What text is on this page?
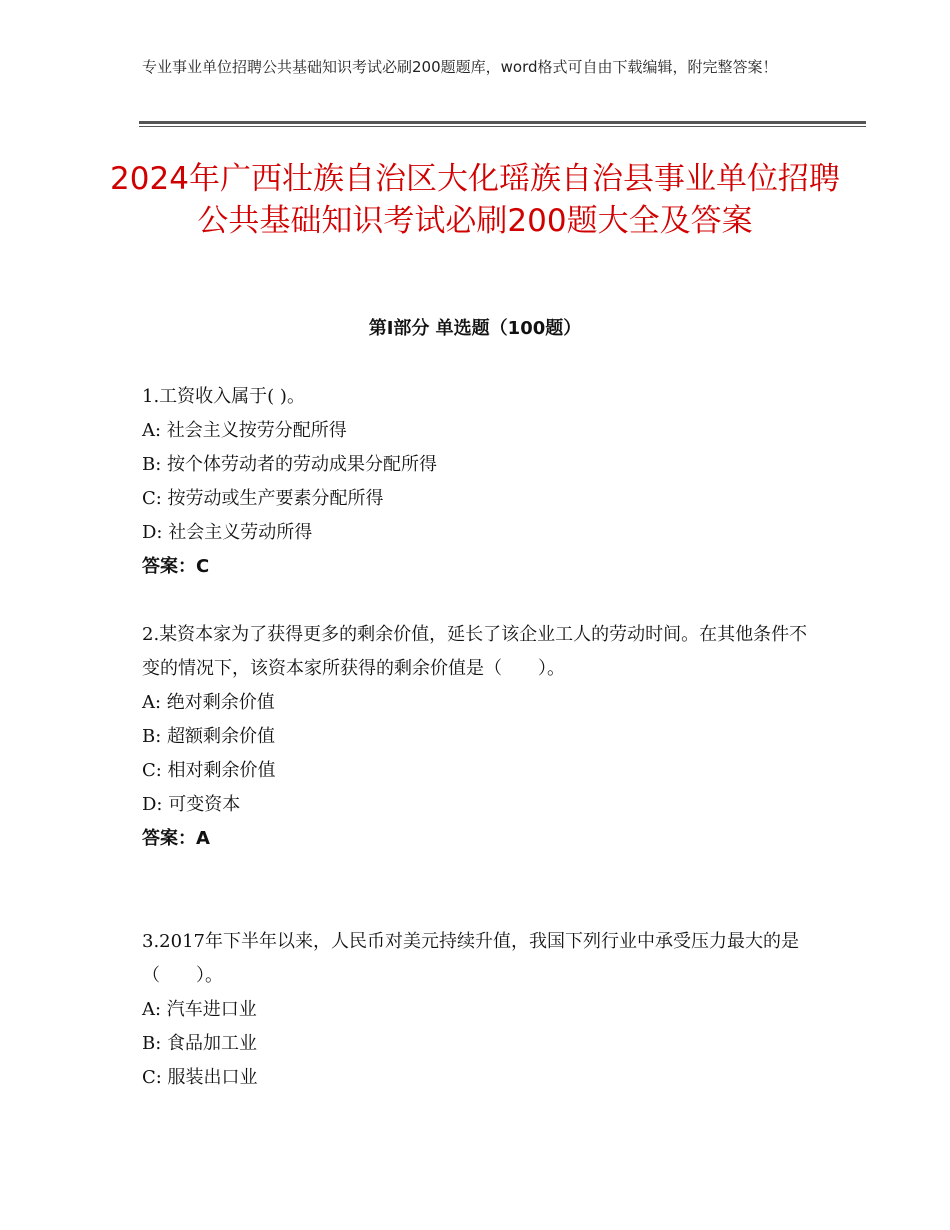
专业事业单位招聘公共基础知识考试必刷200题题库，word格式可自由下载编辑，附完整答案！
2024年广西壮族自治区大化瑶族自治县事业单位招聘公共基础知识考试必刷200题大全及答案
第Ⅰ部分 单选题（100题）
1.工资收入属于( )。
A: 社会主义按劳分配所得
B: 按个体劳动者的劳动成果分配所得
C: 按劳动或生产要素分配所得
D: 社会主义劳动所得
答案：C
2.某资本家为了获得更多的剩余价值，延长了该企业工人的劳动时间。在其他条件不变的情况下，该资本家所获得的剩余价值是（　　）。
A: 绝对剩余价值
B: 超额剩余价值
C: 相对剩余价值
D: 可变资本
答案：A
3.2017年下半年以来，人民币对美元持续升值，我国下列行业中承受压力最大的是（　　）。
A: 汽车进口业
B: 食品加工业
C: 服装出口业
